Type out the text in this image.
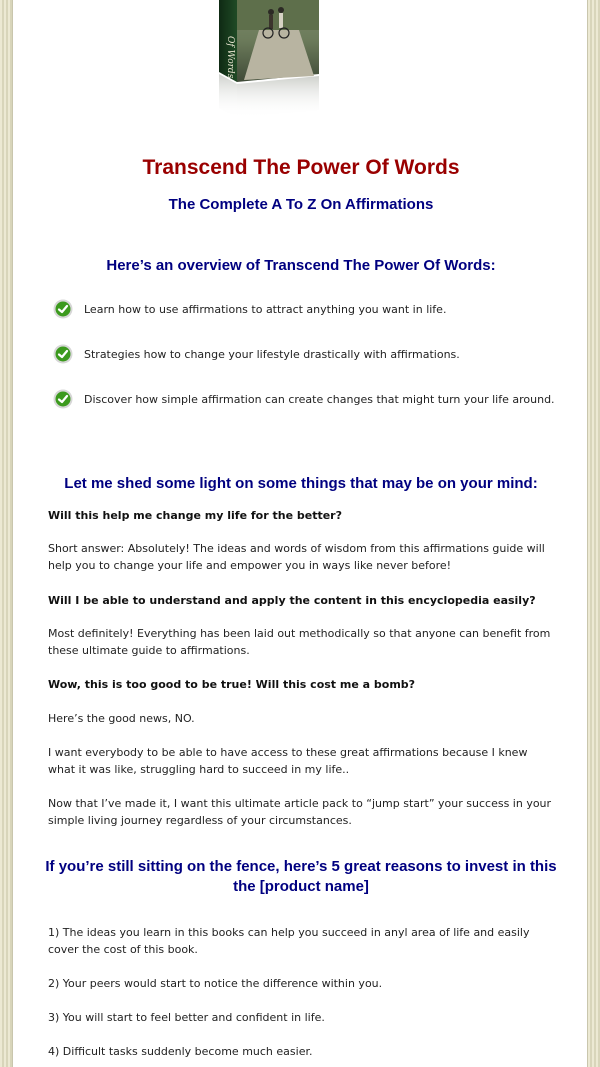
Of Words
Transcend The Power Of Words
The Complete A To Z On Affirmations
Here’s an overview of Transcend The Power Of Words:
Learn how to use affirmations to attract anything you want in life.
Strategies how to change your lifestyle drastically with affirmations.
Discover how simple affirmation can create changes that might turn your life around.
Let me shed some light on some things that may be on your mind:
Will this help me change my life for the better?
Short answer: Absolutely! The ideas and words of wisdom from this affirmations guide will help you to change your life and empower you in ways like never before!
Will I be able to understand and apply the content in this encyclopedia easily?
Most definitely! Everything has been laid out methodically so that anyone can benefit from these ultimate guide to affirmations.
Wow, this is too good to be true! Will this cost me a bomb?
Here’s the good news, NO.
I want everybody to be able to have access to these great affirmations because I knew what it was like, struggling hard to succeed in my life..
Now that I’ve made it, I want this ultimate article pack to “jump start” your success in your simple living journey regardless of your circumstances.
If you’re still sitting on the fence, here’s 5 great reasons to invest in this
the [product name]
1) The ideas you learn in this books can help you succeed in anyl area of life and easily cover the cost of this book.
2) Your peers would start to notice the difference within you.
3) You will start to feel better and confident in life.
4) Difficult tasks suddenly become much easier.
